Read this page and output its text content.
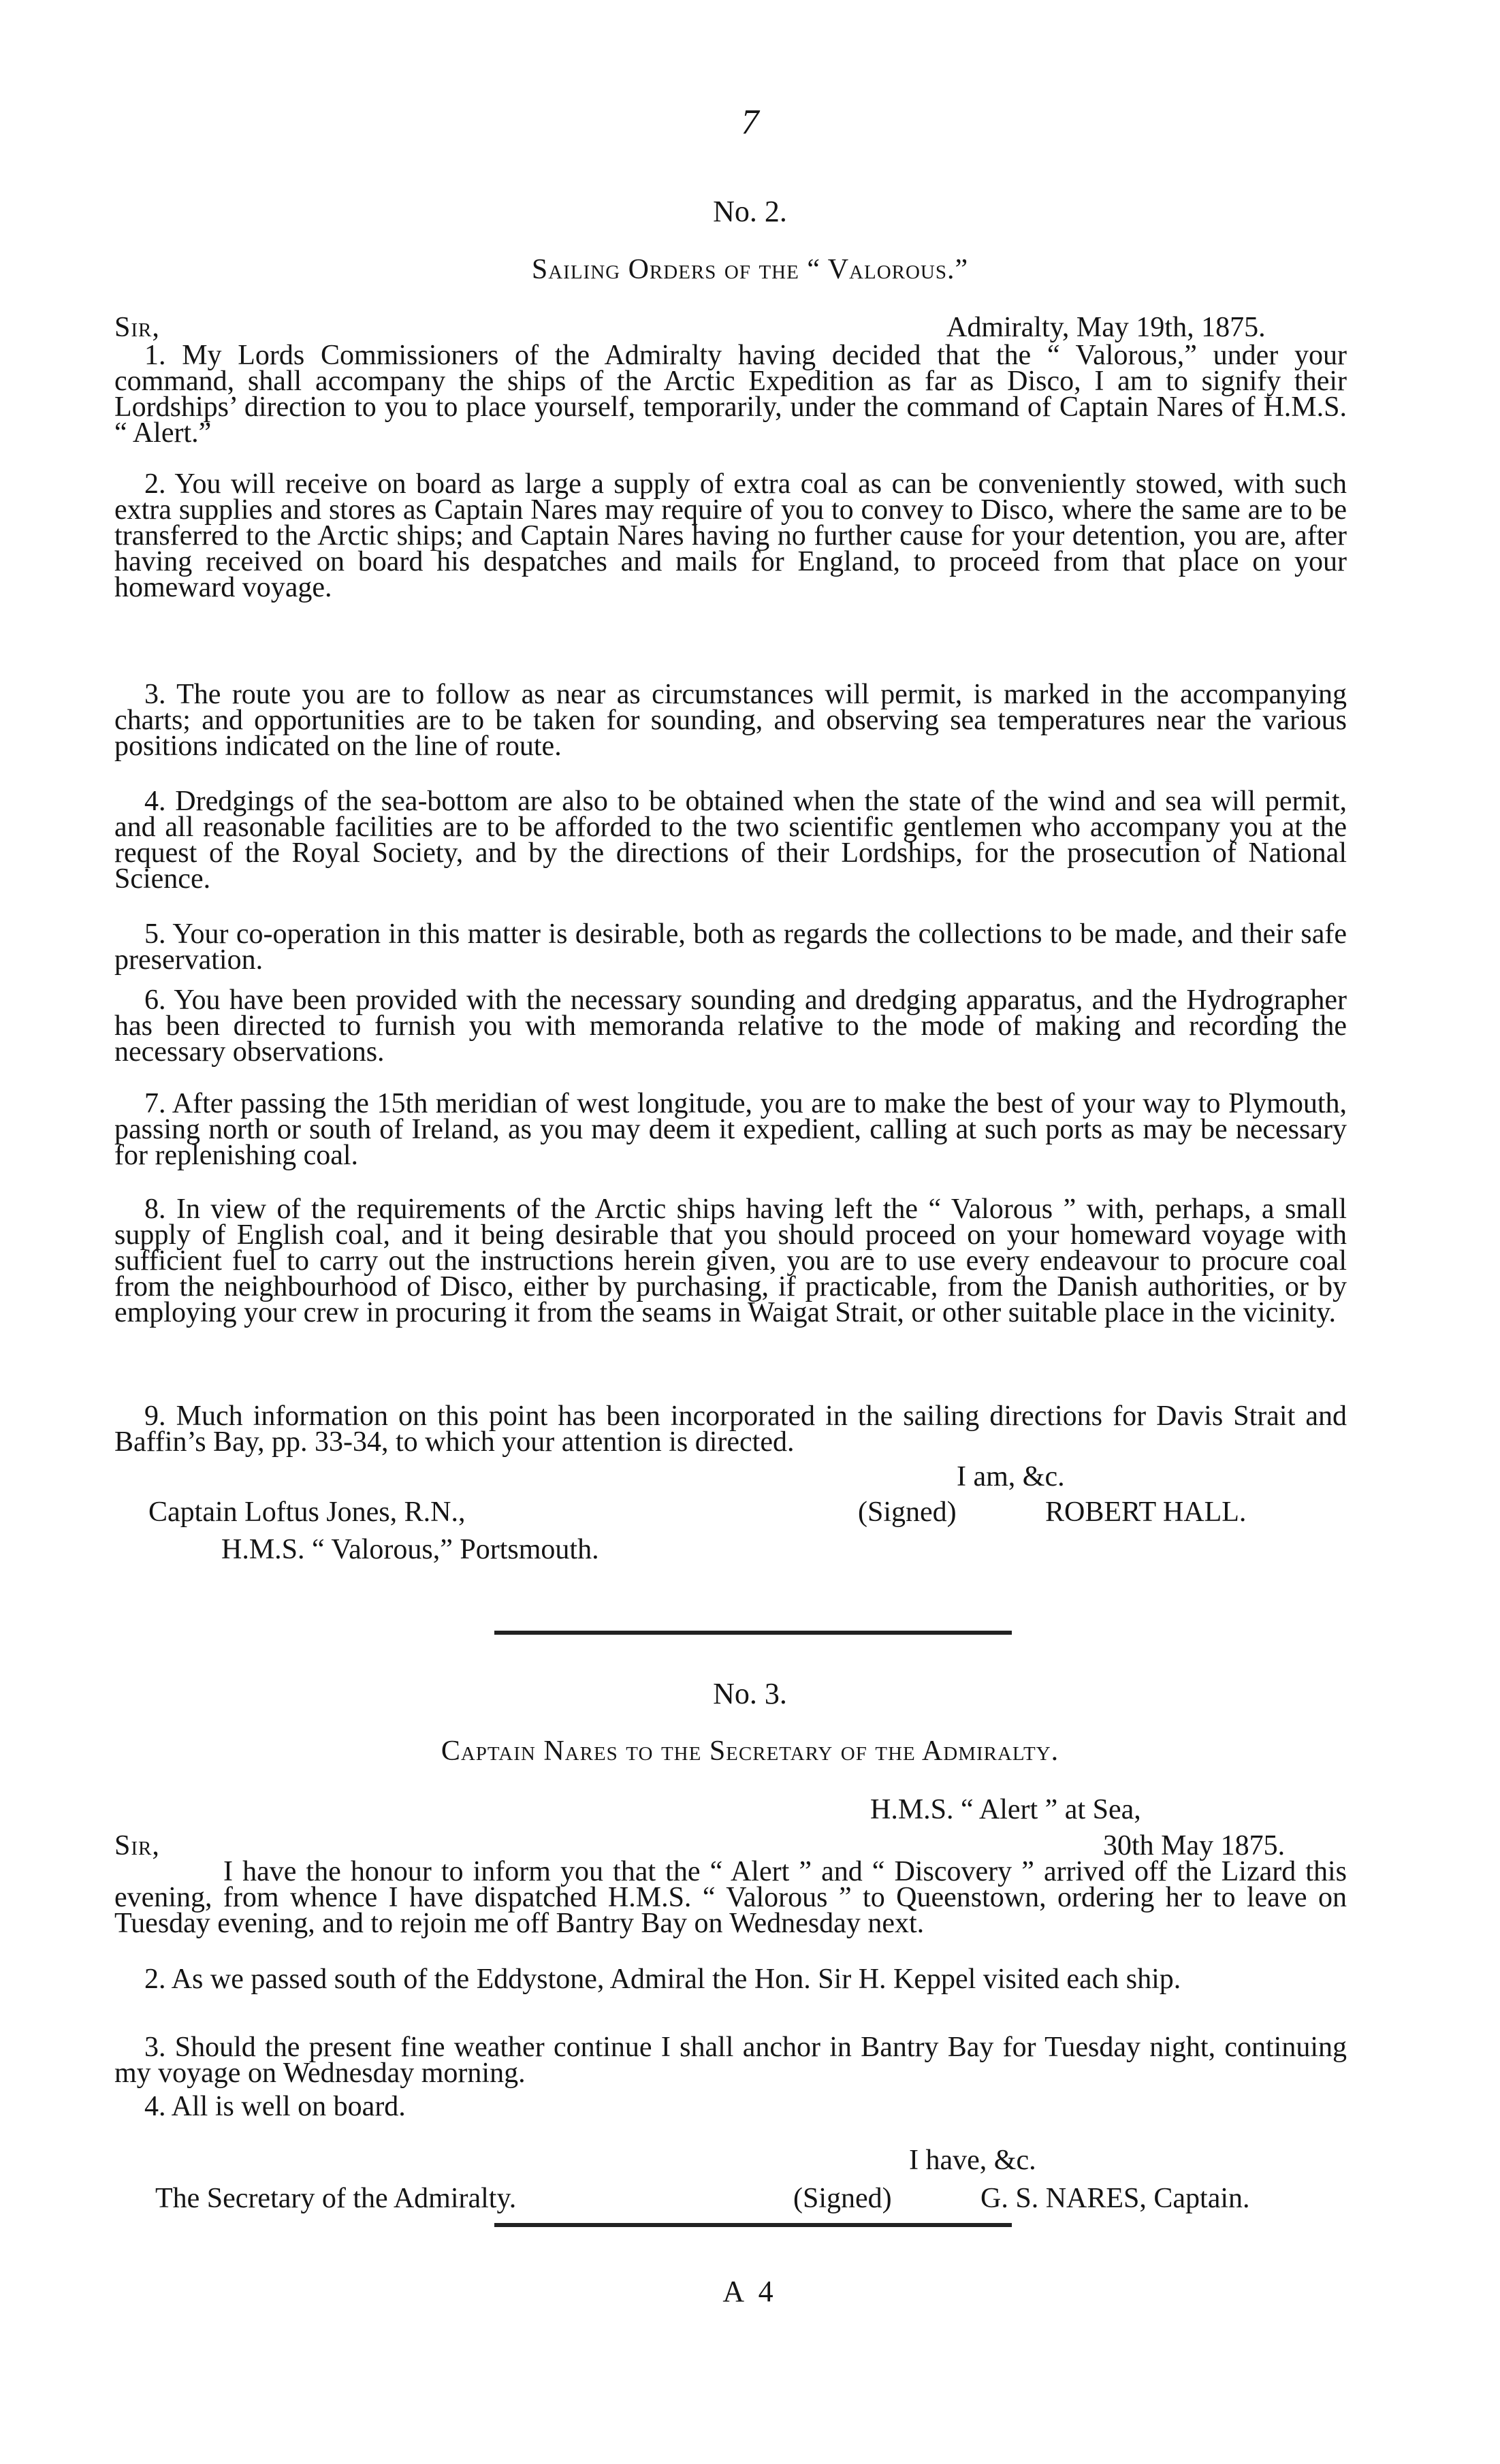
7
No. 2.
Sailing Orders of the “ Valorous.”
Sir,	Admiralty, May 19th, 1875.

1. My Lords Commissioners of the Admiralty having decided that the “ Valorous,” under your command, shall accompany the ships of the Arctic Expedition as far as Disco, I am to signify their Lordships’ direction to you to place yourself, temporarily, under the command of Captain Nares of H.M.S. “ Alert.”

2. You will receive on board as large a supply of extra coal as can be conveniently stowed, with such extra supplies and stores as Captain Nares may require of you to convey to Disco, where the same are to be transferred to the Arctic ships; and Captain Nares having no further cause for your detention, you are, after having received on board his despatches and mails for England, to proceed from that place on your homeward voyage.

3. The route you are to follow as near as circumstances will permit, is marked in the accompanying charts; and opportunities are to be taken for sounding, and observing sea temperatures near the various positions indicated on the line of route.

4. Dredgings of the sea-bottom are also to be obtained when the state of the wind and sea will permit, and all reasonable facilities are to be afforded to the two scientific gentlemen who accompany you at the request of the Royal Society, and by the directions of their Lordships, for the prosecution of National Science.

5. Your co-operation in this matter is desirable, both as regards the collections to be made, and their safe preservation.

6. You have been provided with the necessary sounding and dredging apparatus, and the Hydrographer has been directed to furnish you with memoranda relative to the mode of making and recording the necessary observations.

7. After passing the 15th meridian of west longitude, you are to make the best of your way to Plymouth, passing north or south of Ireland, as you may deem it expedient, calling at such ports as may be necessary for replenishing coal.

8. In view of the requirements of the Arctic ships having left the “ Valorous ” with, perhaps, a small supply of English coal, and it being desirable that you should proceed on your homeward voyage with sufficient fuel to carry out the instructions herein given, you are to use every endeavour to procure coal from the neighbourhood of Disco, either by purchasing, if practicable, from the Danish authorities, or by employing your crew in procuring it from the seams in Waigat Strait, or other suitable place in the vicinity.

9. Much information on this point has been incorporated in the sailing directions for Davis Strait and Baffin’s Bay, pp. 33-34, to which your attention is directed.

I am, &c.
Captain Loftus Jones, R.N.,	(Signed)	ROBERT HALL.
H.M.S. “ Valorous,” Portsmouth.
No. 3.
Captain Nares to the Secretary of the Admiralty.
H.M.S. “ Alert ” at Sea,
Sir,	30th May 1875.

I have the honour to inform you that the “ Alert ” and “ Discovery ” arrived off the Lizard this evening, from whence I have dispatched H.M.S. “ Valorous ” to Queenstown, ordering her to leave on Tuesday evening, and to rejoin me off Bantry Bay on Wednesday next.

2. As we passed south of the Eddystone, Admiral the Hon. Sir H. Keppel visited each ship.

3. Should the present fine weather continue I shall anchor in Bantry Bay for Tuesday night, continuing my voyage on Wednesday morning.

4. All is well on board.

I have, &c.
The Secretary of the Admiralty.	(Signed)	G. S. NARES, Captain.
A 4
